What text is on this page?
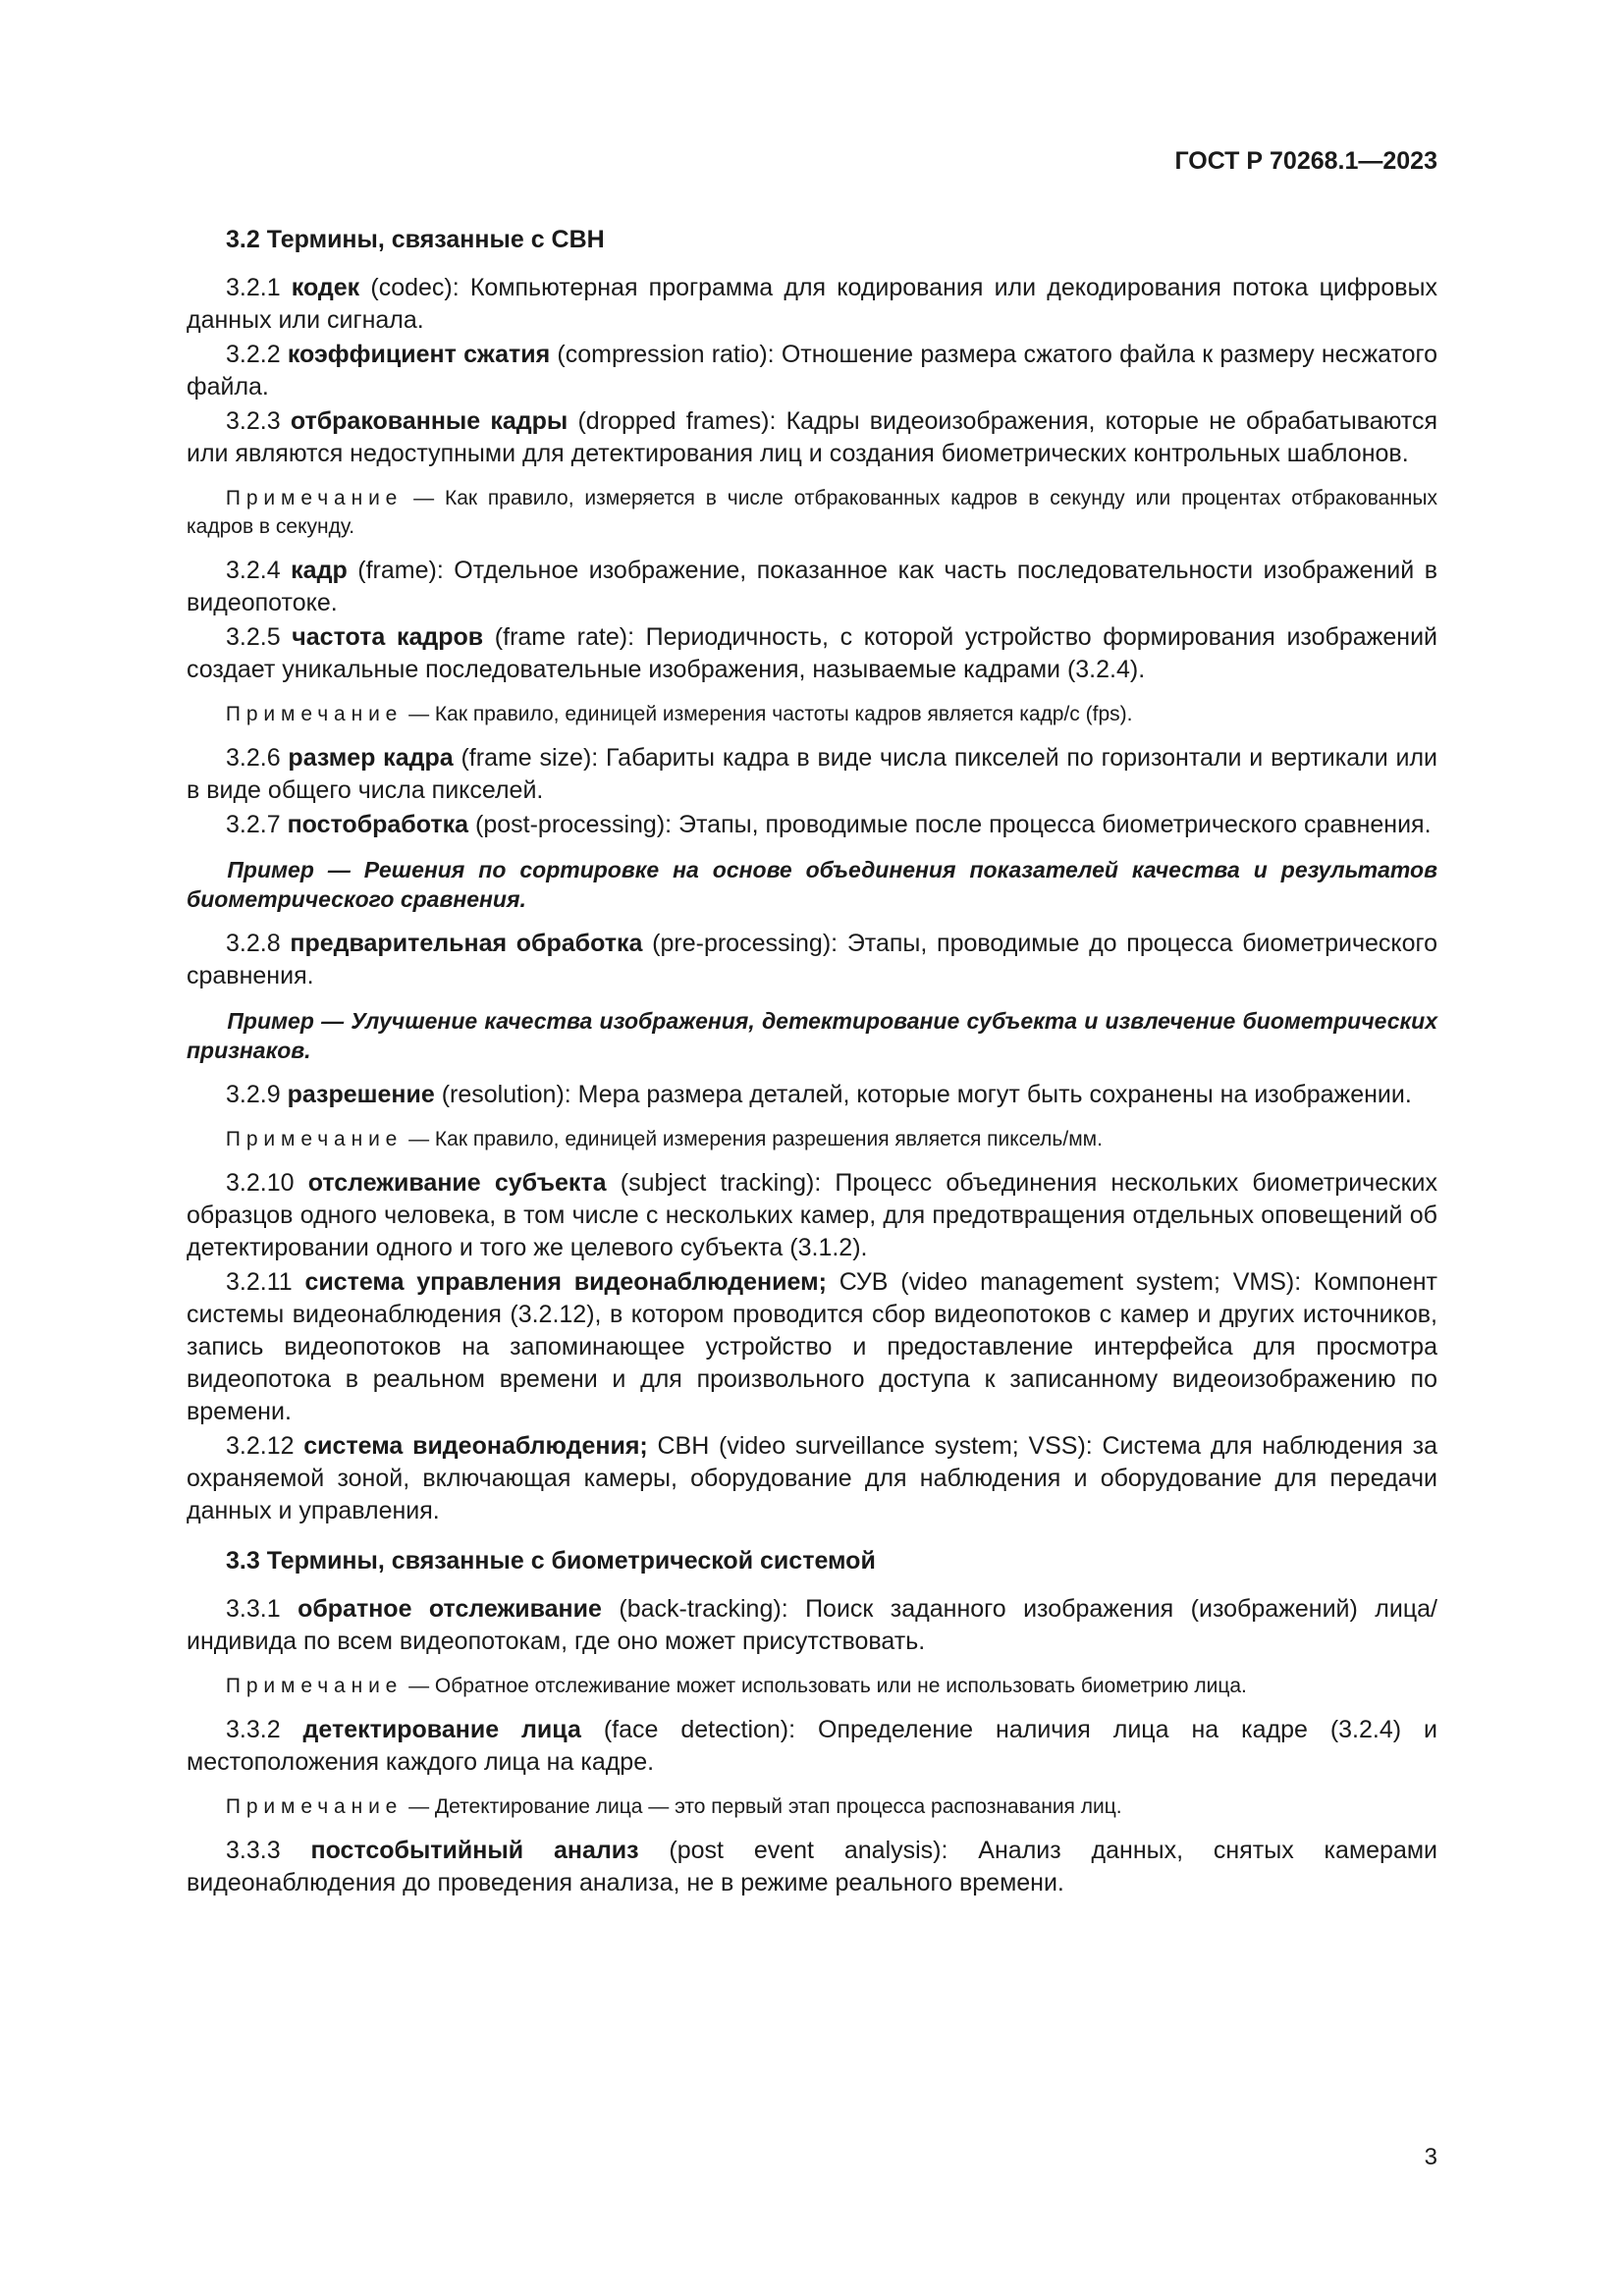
ГОСТ Р 70268.1—2023

3.2 Термины, связанные с СВН

3.2.1 кодек (codec): Компьютерная программа для кодирования или декодирования потока цифровых данных или сигнала.

3.2.2 коэффициент сжатия (compression ratio): Отношение размера сжатого файла к размеру несжатого файла.

3.2.3 отбракованные кадры (dropped frames): Кадры видеоизображения, которые не обрабатываются или являются недоступными для детектирования лиц и создания биометрических контрольных шаблонов.

Примечание — Как правило, измеряется в числе отбракованных кадров в секунду или процентах отбракованных кадров в секунду.

3.2.4 кадр (frame): Отдельное изображение, показанное как часть последовательности изображений в видеопотоке.

3.2.5 частота кадров (frame rate): Периодичность, с которой устройство формирования изображений создает уникальные последовательные изображения, называемые кадрами (3.2.4).

Примечание — Как правило, единицей измерения частоты кадров является кадр/с (fps).

3.2.6 размер кадра (frame size): Габариты кадра в виде числа пикселей по горизонтали и вертикали или в виде общего числа пикселей.

3.2.7 постобработка (post-processing): Этапы, проводимые после процесса биометрического сравнения.

Пример — Решения по сортировке на основе объединения показателей качества и результатов биометрического сравнения.

3.2.8 предварительная обработка (pre-processing): Этапы, проводимые до процесса биометрического сравнения.

Пример — Улучшение качества изображения, детектирование субъекта и извлечение биометрических признаков.

3.2.9 разрешение (resolution): Мера размера деталей, которые могут быть сохранены на изображении.

Примечание — Как правило, единицей измерения разрешения является пиксель/мм.

3.2.10 отслеживание субъекта (subject tracking): Процесс объединения нескольких биометрических образцов одного человека, в том числе с нескольких камер, для предотвращения отдельных оповещений об детектировании одного и того же целевого субъекта (3.1.2).

3.2.11 система управления видеонаблюдением; СУВ (video management system; VMS): Компонент системы видеонаблюдения (3.2.12), в котором проводится сбор видеопотоков с камер и других источников, запись видеопотоков на запоминающее устройство и предоставление интерфейса для просмотра видеопотока в реальном времени и для произвольного доступа к записанному видеоизображению по времени.

3.2.12 система видеонаблюдения; СВН (video surveillance system; VSS): Система для наблюдения за охраняемой зоной, включающая камеры, оборудование для наблюдения и оборудование для передачи данных и управления.

3.3 Термины, связанные с биометрической системой

3.3.1 обратное отслеживание (back-tracking): Поиск заданного изображения (изображений) лица/индивида по всем видеопотокам, где оно может присутствовать.

Примечание — Обратное отслеживание может использовать или не использовать биометрию лица.

3.3.2 детектирование лица (face detection): Определение наличия лица на кадре (3.2.4) и местоположения каждого лица на кадре.

Примечание — Детектирование лица — это первый этап процесса распознавания лиц.

3.3.3 постсобытийный анализ (post event analysis): Анализ данных, снятых камерами видеонаблюдения до проведения анализа, не в режиме реального времени.

3
